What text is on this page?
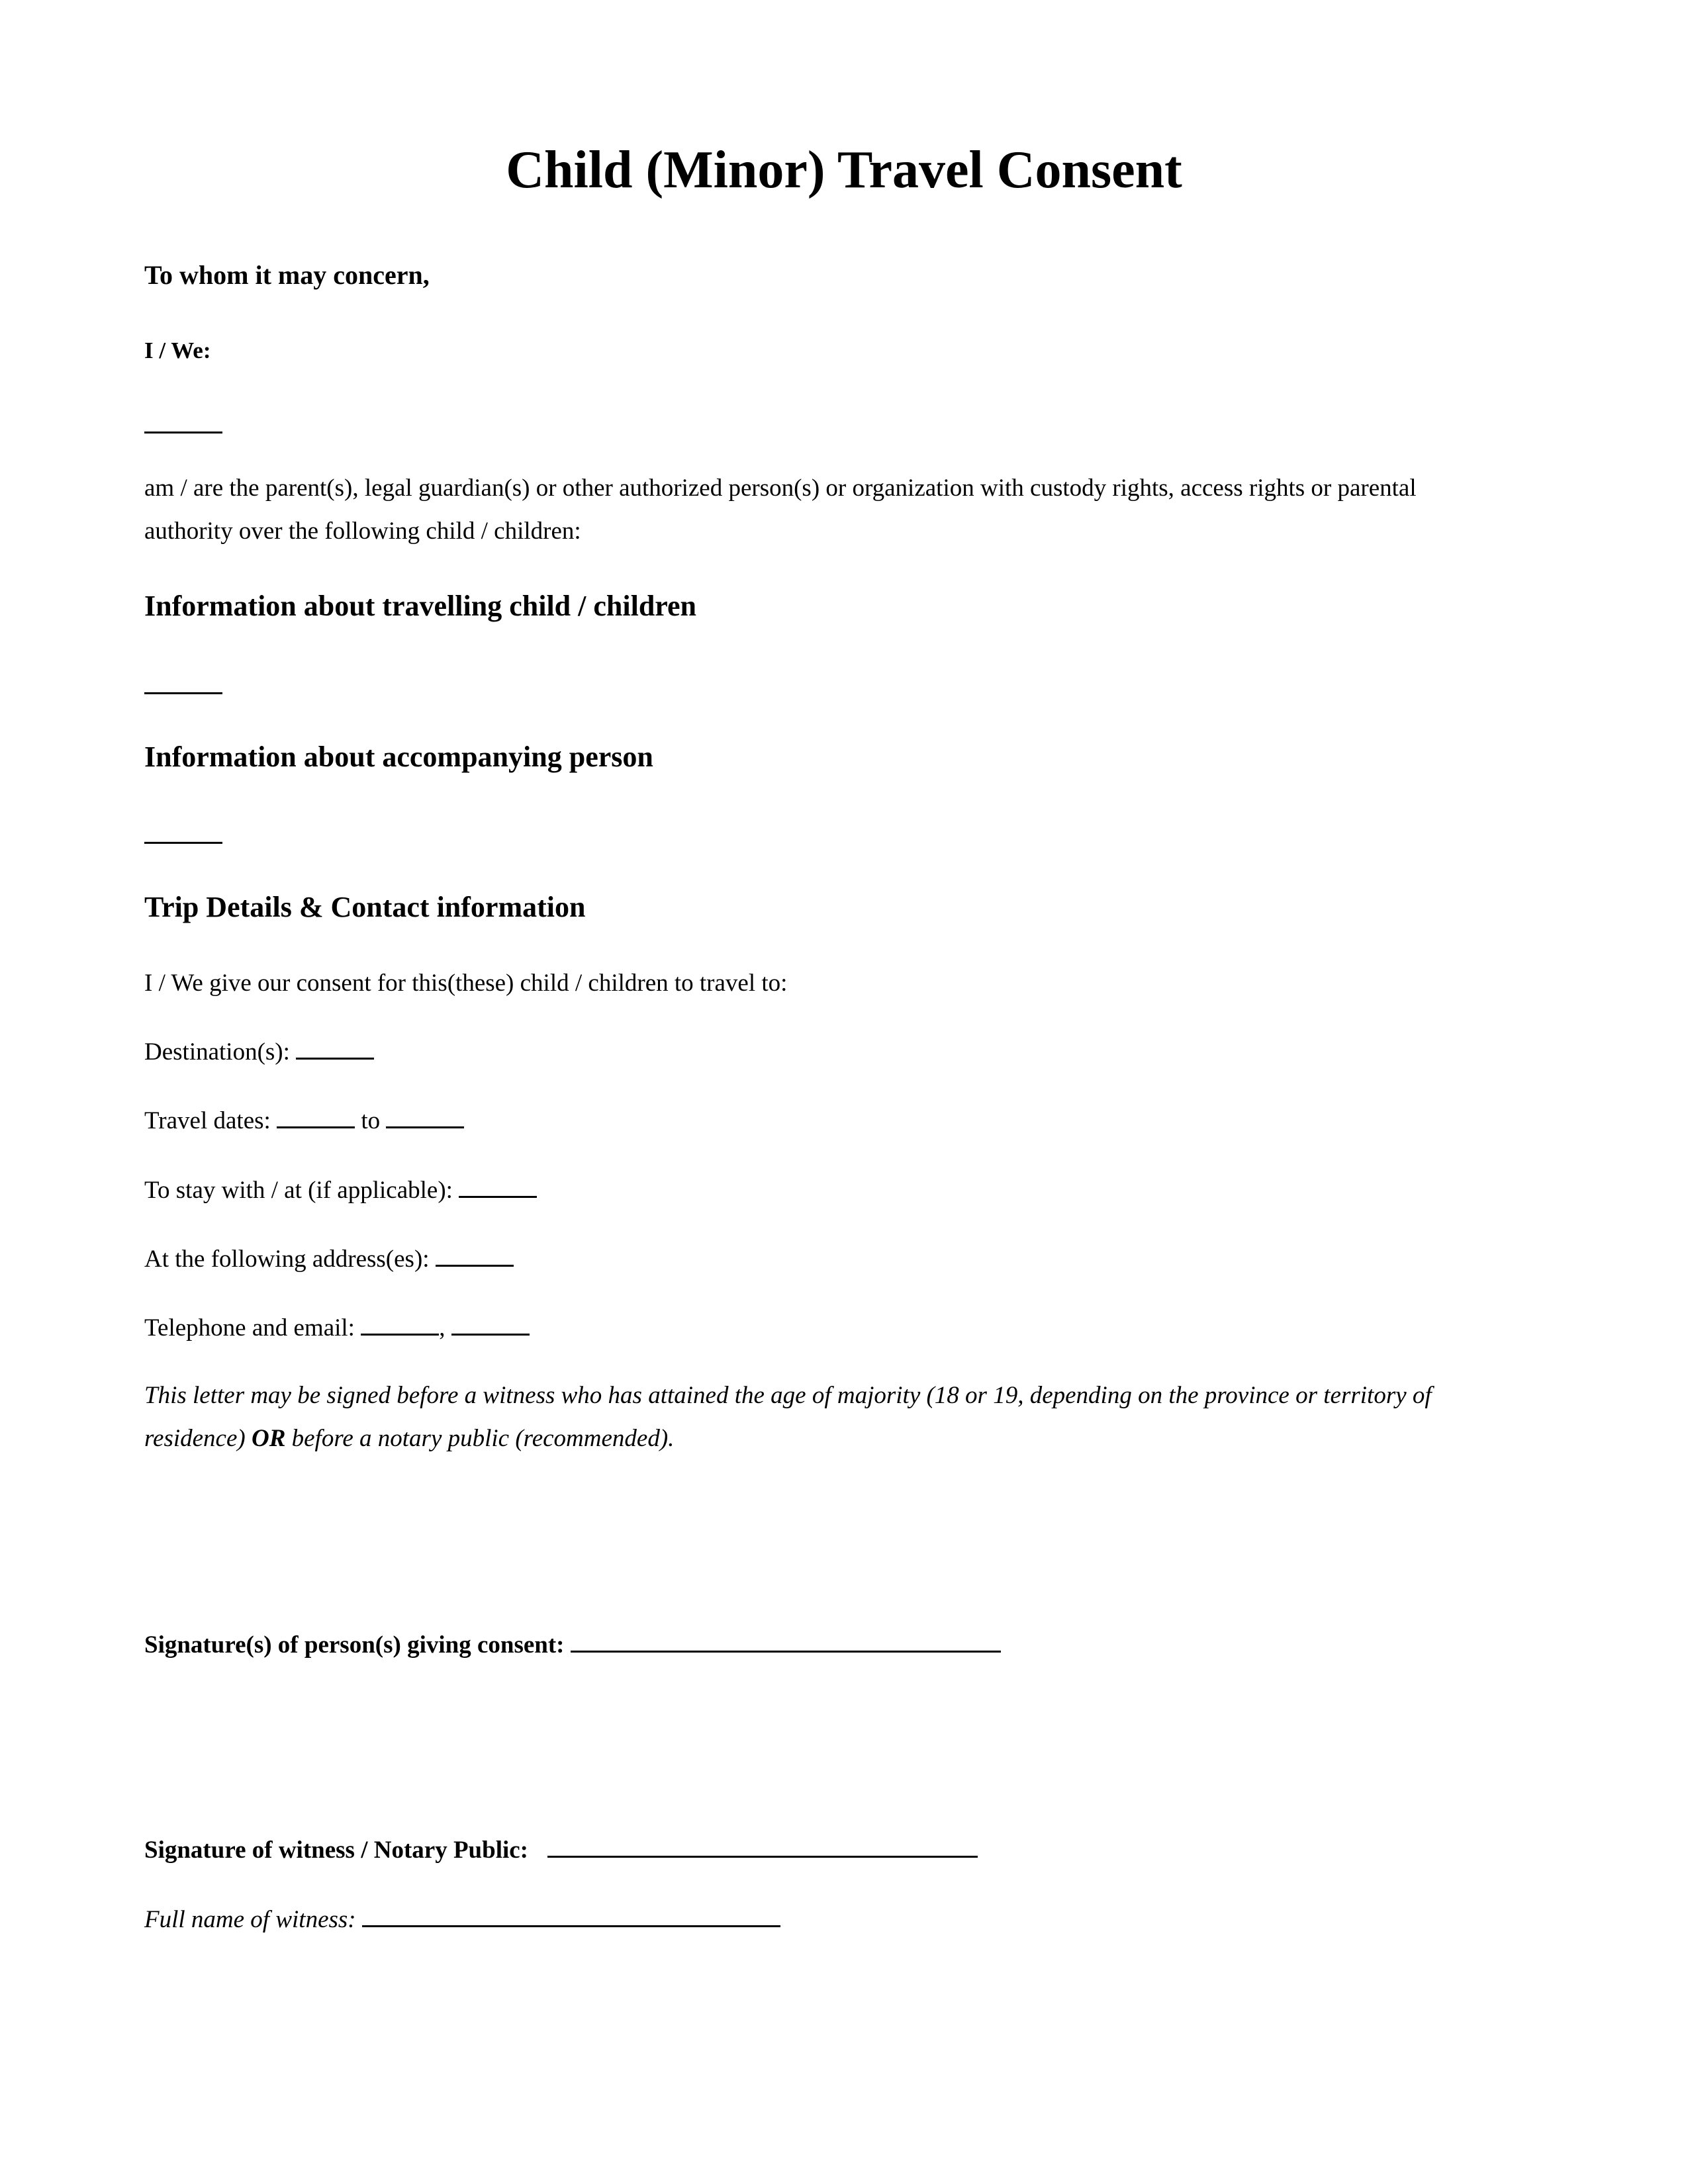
Child (Minor) Travel Consent
To whom it may concern,
I / We:
am / are the parent(s), legal guardian(s) or other authorized person(s) or organization with custody rights, access rights or parental
authority over the following child / children:
Information about travelling child / children
Information about accompanying person
Trip Details & Contact information
I / We give our consent for this(these) child / children to travel to:
Destination(s):
Travel dates:	to
To stay with / at (if applicable):
At the following address(es):
Telephone and email:	,
This letter may be signed before a witness who has attained the age of majority (18 or 19, depending on the province or territory of
residence) OR before a notary public (recommended).
Signature(s) of person(s) giving consent:
Signature of witness / Notary Public:
Full name of witness:
